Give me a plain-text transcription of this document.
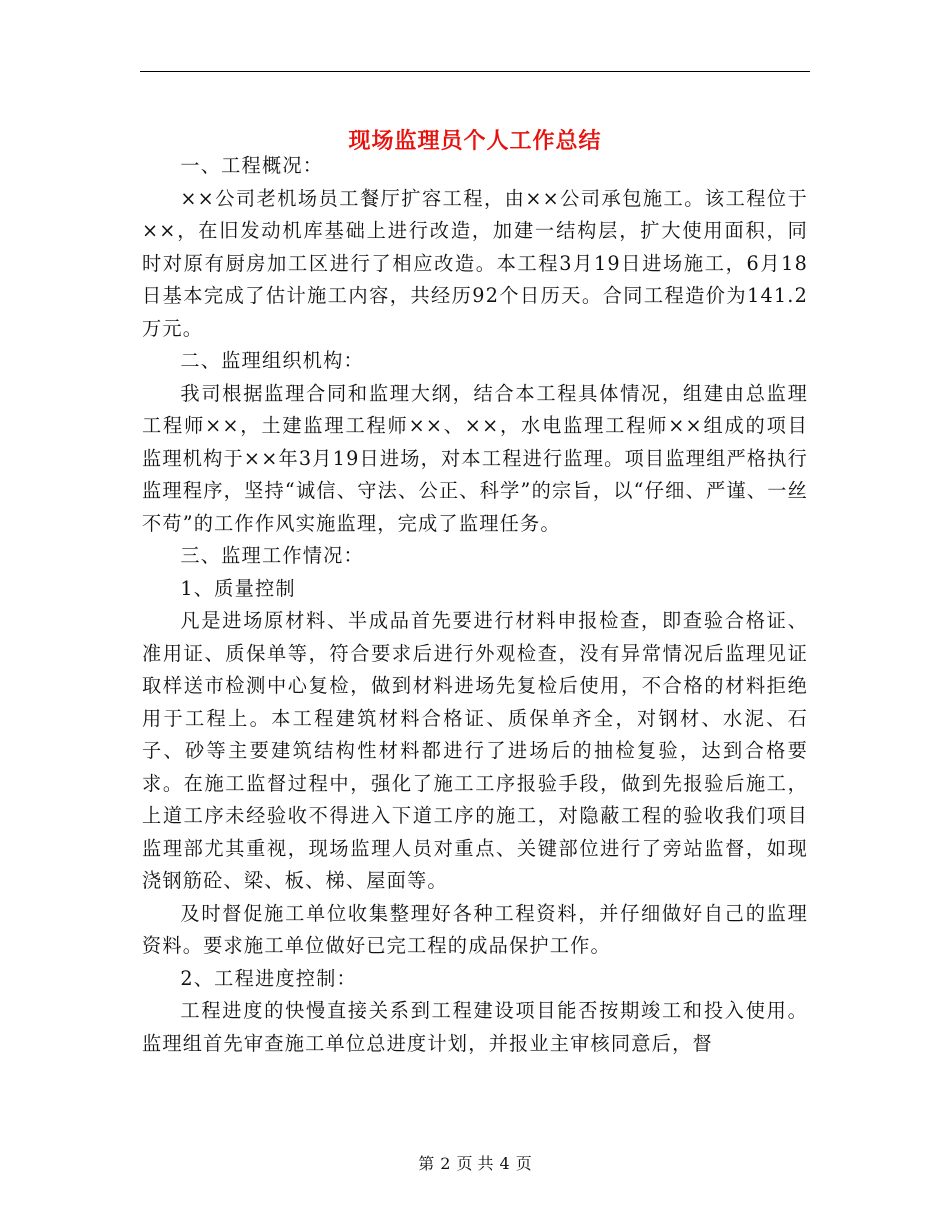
现场监理员个人工作总结

一、工程概况：

××公司老机场员工餐厅扩容工程，由××公司承包施工。该工程位于××，在旧发动机库基础上进行改造，加建一结构层，扩大使用面积，同时对原有厨房加工区进行了相应改造。本工程3月19日进场施工，6月18日基本完成了估计施工内容，共经历92个日历天。合同工程造价为141.2万元。

二、监理组织机构：

我司根据监理合同和监理大纲，结合本工程具体情况，组建由总监理工程师××，土建监理工程师××、××，水电监理工程师××组成的项目监理机构于××年3月19日进场，对本工程进行监理。项目监理组严格执行监理程序，坚持“诚信、守法、公正、科学”的宗旨，以“仔细、严谨、一丝不苟”的工作作风实施监理，完成了监理任务。

三、监理工作情况：

1、质量控制

凡是进场原材料、半成品首先要进行材料申报检查，即查验合格证、准用证、质保单等，符合要求后进行外观检查，没有异常情况后监理见证取样送市检测中心复检，做到材料进场先复检后使用，不合格的材料拒绝用于工程上。本工程建筑材料合格证、质保单齐全，对钢材、水泥、石子、砂等主要建筑结构性材料都进行了进场后的抽检复验，达到合格要求。在施工监督过程中，强化了施工工序报验手段，做到先报验后施工，上道工序未经验收不得进入下道工序的施工，对隐蔽工程的验收我们项目监理部尤其重视，现场监理人员对重点、关键部位进行了旁站监督，如现浇钢筋砼、梁、板、梯、屋面等。

及时督促施工单位收集整理好各种工程资料，并仔细做好自己的监理资料。要求施工单位做好已完工程的成品保护工作。

2、工程进度控制：

工程进度的快慢直接关系到工程建设项目能否按期竣工和投入使用。监理组首先审查施工单位总进度计划，并报业主审核同意后，督

第 2 页 共 4 页
